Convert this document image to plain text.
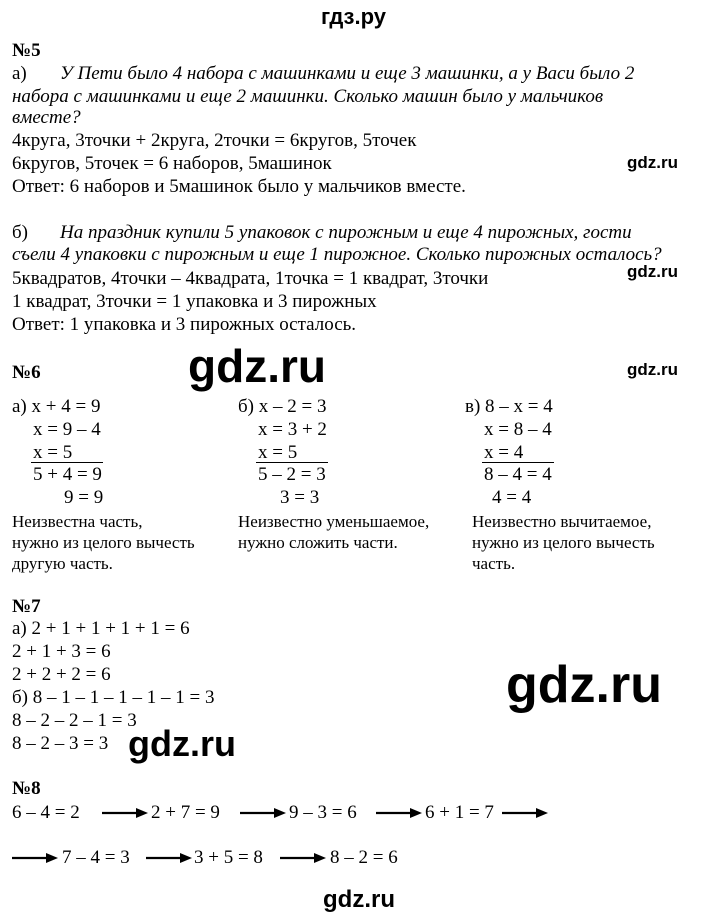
гдз.ру
№5
а) У Пети было 4 набора с машинками и еще 3 машинки, а у Васи было 2
набора с машинками и еще 2 машинки. Сколько машин было у мальчиков
вместе?
4круга, 3точки + 2круга, 2точки = 6кругов, 5точек
6кругов, 5точек = 6 наборов, 5машинок
Ответ: 6 наборов и 5машинок было у мальчиков вместе.
gdz.ru
б) На праздник купили 5 упаковок с пирожным и еще 4 пирожных, гости
съели 4 упаковки с пирожным и еще 1 пирожное. Сколько пирожных осталось?
5квадратов, 4точки – 4квадрата, 1точка = 1 квадрат, 3точки
1 квадрат, 3точки = 1 упаковка и 3 пирожных
Ответ: 1 упаковка и 3 пирожных осталось.
gdz.ru
№6	gdz.ru	gdz.ru
а) х + 4 = 9
х = 9 – 4
х = 5
5 + 4 = 9
9 = 9
Неизвестна часть,
нужно из целого вычесть
другую часть.
б) х – 2 = 3
х = 3 + 2
х = 5
5 – 2 = 3
3 = 3
Неизвестно уменьшаемое,
нужно сложить части.
в) 8 – х = 4
х = 8 – 4
х = 4
8 – 4 = 4
4 = 4
Неизвестно вычитаемое,
нужно из целого вычесть
часть.
№7
а) 2 + 1 + 1 + 1 + 1 = 6
2 + 1 + 3 = 6
2 + 2 + 2 = 6
б) 8 – 1 – 1 – 1 – 1 – 1 = 3
8 – 2 – 2 – 1 = 3
8 – 2 – 3 = 3
gdz.ru
gdz.ru
№8
6 – 4 = 2	2 + 7 = 9	9 – 3 = 6	6 + 1 = 7
7 – 4 = 3	3 + 5 = 8	8 – 2 = 6
gdz.ru
